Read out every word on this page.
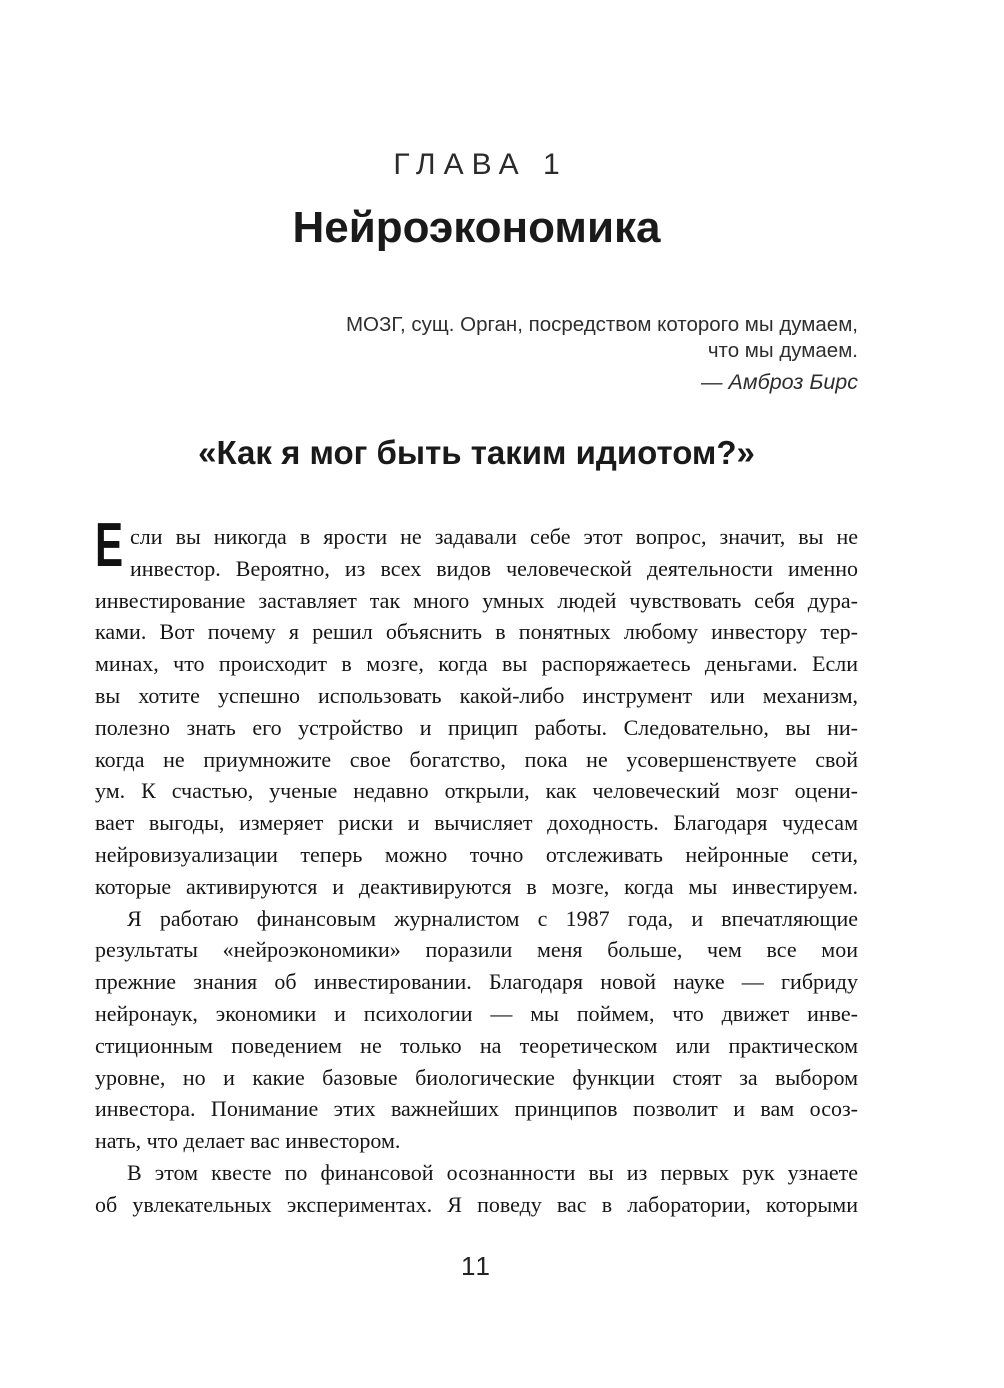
ГЛАВА 1
Нейроэкономика
МОЗГ, сущ. Орган, посредством которого мы думаем,
что мы думаем.
— Амброз Бирс
«Как я мог быть таким идиотом?»
Е сли вы никогда в ярости не задавали себе этот вопрос, значит, вы не
инвестор. Вероятно, из всех видов человеческой деятельности именно
инвестирование заставляет так много умных людей чувствовать себя дура-
ками. Вот почему я решил объяснить в понятных любому инвестору тер-
минах, что происходит в мозге, когда вы распоряжаетесь деньгами. Если
вы хотите успешно использовать какой-либо инструмент или механизм,
полезно знать его устройство и прицип работы. Следовательно, вы ни-
когда не приумножите свое богатство, пока не усовершенствуете свой
ум. К счастью, ученые недавно открыли, как человеческий мозг оцени-
вает выгоды, измеряет риски и вычисляет доходность. Благодаря чудесам
нейровизуализации теперь можно точно отслеживать нейронные сети,
которые активируются и деактивируются в мозге, когда мы инвестируем.
Я работаю финансовым журналистом с 1987 года, и впечатляющие
результаты «нейроэкономики» поразили меня больше, чем все мои
прежние знания об инвестировании. Благодаря новой науке — гибриду
нейронаук, экономики и психологии — мы поймем, что движет инве-
стиционным поведением не только на теоретическом или практическом
уровне, но и какие базовые биологические функции стоят за выбором
инвестора. Понимание этих важнейших принципов позволит и вам осоз-
нать, что делает вас инвестором.
В этом квесте по финансовой осознанности вы из первых рук узнаете
об увлекательных экспериментах. Я поведу вас в лаборатории, которыми
11
